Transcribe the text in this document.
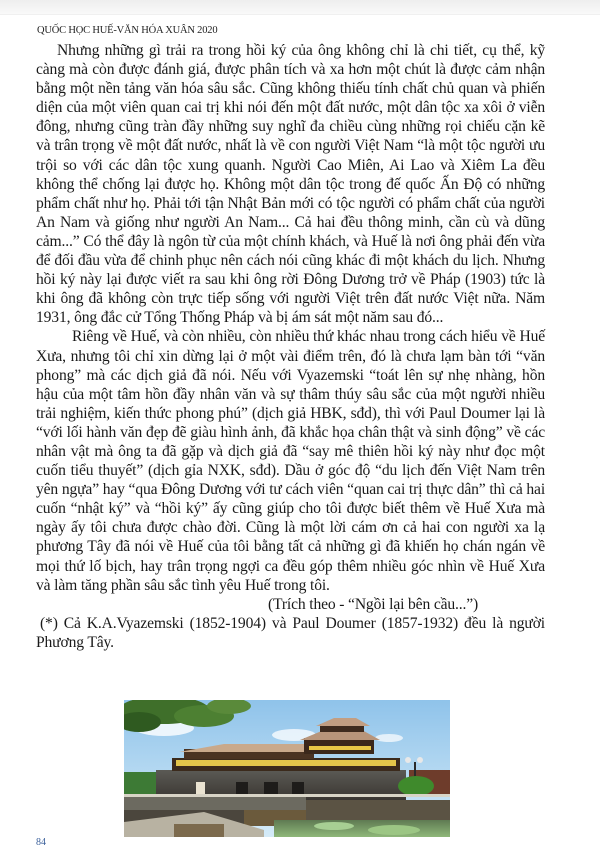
QUỐC HỌC HUẾ-VĂN HÓA XUÂN 2020

Nhưng những gì trải ra trong hồi ký của ông không chỉ là chi tiết, cụ thể, kỹ càng mà còn được đánh giá, được phân tích và xa hơn một chút là được cảm nhận bằng một nền tảng văn hóa sâu sắc. Cũng không thiếu tính chất chủ quan và phiến diện của một viên quan cai trị khi nói đến một đất nước, một dân tộc xa xôi ở viễn đông, nhưng cũng tràn đầy những suy nghĩ đa chiều cùng những rọi chiếu cặn kẽ và trân trọng về một đất nước, nhất là về con người Việt Nam “là một tộc người ưu trội so với các dân tộc xung quanh. Người Cao Miên, Ai Lao và Xiêm La đều không thể chống lại được họ. Không một dân tộc trong đế quốc Ấn Độ có những phẩm chất như họ. Phải tới tận Nhật Bản mới có tộc người có phẩm chất của người An Nam và giống như người An Nam... Cả hai đều thông minh, cần cù và dũng cảm...” Có thể đây là ngôn từ của một chính khách, và Huế là nơi ông phải đến vừa để đối đầu vừa để chinh phục nên cách nói cũng khác đi một khách du lịch. Nhưng hồi ký này lại được viết ra sau khi ông rời Đông Dương trở về Pháp (1903) tức là khi ông đã không còn trực tiếp sống với người Việt trên đất nước Việt nữa. Năm 1931, ông đắc cử Tổng Thống Pháp và bị ám sát một năm sau đó...

Riêng về Huế, và còn nhiều, còn nhiều thứ khác nhau trong cách hiểu về Huế Xưa, nhưng tôi chỉ xin dừng lại ở một vài điểm trên, đó là chưa lạm bàn tới “văn phong” mà các dịch giả đã nói. Nếu với Vyazemski “toát lên sự nhẹ nhàng, hồn hậu của một tâm hồn đầy nhân văn và sự thâm thúy sâu sắc của một người nhiều trải nghiệm, kiến thức phong phú” (dịch giả HBK, sđd), thì với Paul Doumer lại là “với lối hành văn đẹp đẽ giàu hình ảnh, đã khắc họa chân thật và sinh động” về các nhân vật mà ông ta đã gặp và dịch giả đã “say mê thiên hồi ký này như đọc một cuốn tiểu thuyết” (dịch gỉa NXK, sđd). Dầu ở góc độ “du lịch đến Việt Nam trên yên ngựa” hay “qua Đông Dương với tư cách viên “quan cai trị thực dân” thì cả hai cuốn “nhật ký” và “hồi ký” ấy cũng giúp cho tôi được biết thêm về Huế Xưa mà ngày ấy tôi chưa được chào đời. Cũng là một lời cám ơn cả hai con người xa lạ phương Tây đã nói về Huế của tôi bằng tất cả những gì đã khiến họ chán ngán về mọi thứ lố bịch, hay trân trọng ngợi ca đều góp thêm nhiều góc nhìn về Huế Xưa và làm tăng phần sâu sắc tình yêu Huế trong tôi.

(Trích theo - “Ngồi lại bên cầu...”)

(*) Cả K.A.Vyazemski (1852-1904) và Paul Doumer (1857-1932) đều là người Phương Tây.

84
